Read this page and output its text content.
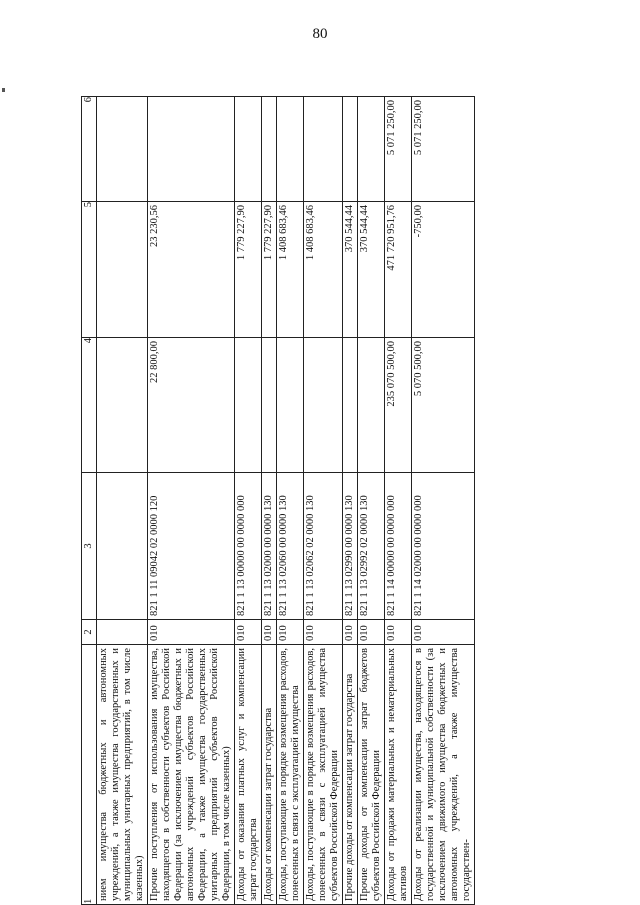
80
1	2	3	4	5	6
нием имущества бюджетных и автономных учреждений, а также имущества государственных и муниципальных унитарных предприятий, в том числе казенных)					
Прочие поступления от использования имущества, находящегося в собственности субъектов Российской Федерации (за исключением имущества бюджетных и автономных учреждений субъектов Российской Федерации, а также имущества государственных унитарных предприятий субъектов Российской Федерации, в том числе казенных)	010	821 1 11 09042 02 0000 120	22 800,00	23 230,56	
Доходы от оказания платных услуг и компенсации затрат государства	010	821 1 13 00000 00 0000 000		1 779 227,90	
Доходы от компенсации затрат государства	010	821 1 13 02000 00 0000 130		1 779 227,90	
Доходы, поступающие в порядке возмещения расходов, понесенных в связи с эксплуатацией имущества	010	821 1 13 02060 00 0000 130		1 408 683,46	
Доходы, поступающие в порядке возмещения расходов, понесенных в связи с эксплуатацией имущества субъектов Российской Федерации	010	821 1 13 02062 02 0000 130		1 408 683,46	
Прочие доходы от компенсации затрат государства	010	821 1 13 02990 00 0000 130		370 544,44	
Прочие доходы от компенсации затрат бюджетов субъектов Российской Федерации	010	821 1 13 02992 02 0000 130		370 544,44	
Доходы от продажи материальных и нематериальных активов	010	821 1 14 00000 00 0000 000	235 070 500,00	471 720 951,76	5 071 250,00
Доходы от реализации имущества, находящегося в государственной и муниципальной собственности (за исключением движимого имущества бюджетных и автономных учреждений, а также имущества государствен-	010	821 1 14 02000 00 0000 000	5 070 500,00	-750,00	5 071 250,00
